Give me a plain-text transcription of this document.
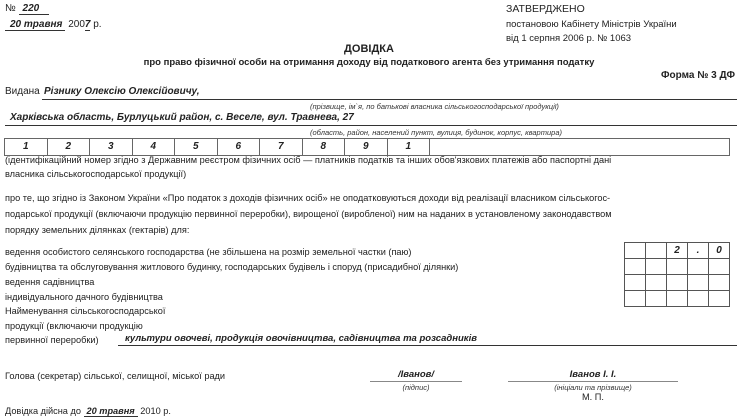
№ 220
20 травня 2007 р.
ЗАТВЕРДЖЕНО
постановою Кабінету Міністрів України
від 1 серпня 2006 р. № 1063
ДОВІДКА
про право фізичної особи на отримання доходу від податкового агента без утримання податку
Форма № 3 ДФ
Видана Різнику Олексію Олексійовичу,
(прізвище, ім`я, по батькові власника сільськогосподарської продукції)
Харківська область, Бурлуцький район, с. Веселе, вул. Травнева, 27
(область, район, населений пункт, вулиця, будинок, корпус, квартира)
1	2	3	4	5	6	7	8	9	1
(ідентифікаційний номер згідно з Державним реєстром фізичних осіб — платників податків та інших обов'язкових платежів або паспортні дані
власника сільськогосподарської продукції)
про те, що згідно із Законом України «Про податок з доходів фізичних осіб» не оподатковуються доходи від реалізації власником сільськогос-
подарської продукції (включаючи продукцію первинної переробки), вирощеної (виробленої) ним на наданих в установленому законодавством
порядку земельних ділянках (гектарів) для:
ведення особистого селянського господарства (не збільшена на розмір земельної частки (паю)
будівництва та обслуговування житлового будинку, господарських будівель і споруд (присадибної ділянки)
ведення садівництва
індивідуального дачного будівництва
		2	.	0

Найменування сільськогосподарської
продукції (включаючи продукцію
первинної переробки)	культури овочеві, продукція овочівництва, садівництва та розсадників
Голова (секретар) сільської, селищної, міської ради	/Іванов/
(підпис)
Іванов І. І.
(ініціали та прізвище)
М. П.
Довідка дійсна до 20 травня 2010 р.
